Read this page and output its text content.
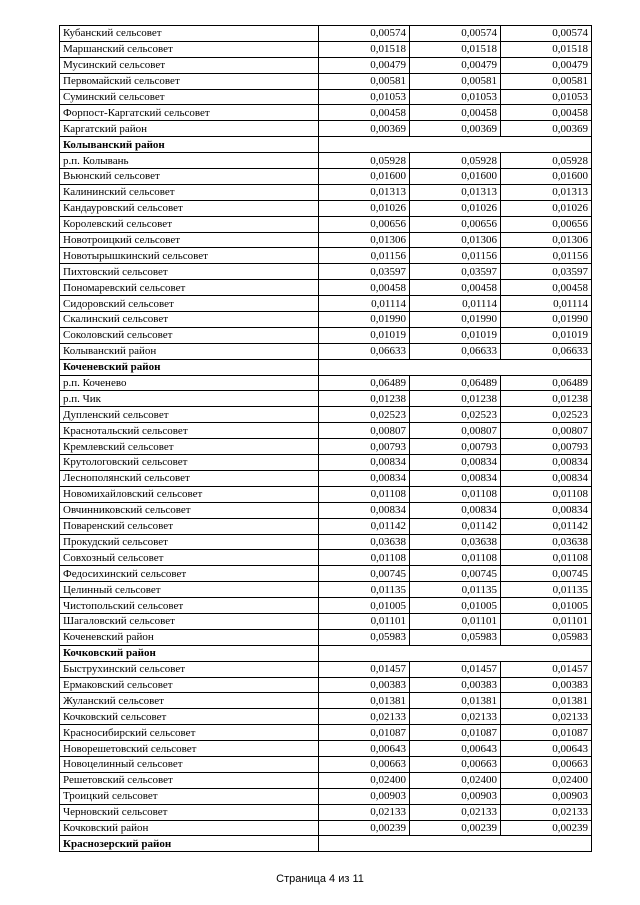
Кубанский сельсовет	0,00574	0,00574	0,00574
Маршанский сельсовет	0,01518	0,01518	0,01518
Мусинский сельсовет	0,00479	0,00479	0,00479
Первомайский сельсовет	0,00581	0,00581	0,00581
Суминский сельсовет	0,01053	0,01053	0,01053
Форпост-Каргатский сельсовет	0,00458	0,00458	0,00458
Каргатский район	0,00369	0,00369	0,00369
Колыванский район			
р.п. Колывань	0,05928	0,05928	0,05928
Вьюнский сельсовет	0,01600	0,01600	0,01600
Калининский сельсовет	0,01313	0,01313	0,01313
Кандауровский сельсовет	0,01026	0,01026	0,01026
Королевский сельсовет	0,00656	0,00656	0,00656
Новотроицкий сельсовет	0,01306	0,01306	0,01306
Новотырышкинский сельсовет	0,01156	0,01156	0,01156
Пихтовский сельсовет	0,03597	0,03597	0,03597
Пономаревский сельсовет	0,00458	0,00458	0,00458
Сидоровский сельсовет	0,01114	0,01114	0,01114
Скалинский сельсовет	0,01990	0,01990	0,01990
Соколовский сельсовет	0,01019	0,01019	0,01019
Колыванский район	0,06633	0,06633	0,06633
Коченевский район			
р.п. Коченево	0,06489	0,06489	0,06489
р.п. Чик	0,01238	0,01238	0,01238
Дупленский сельсовет	0,02523	0,02523	0,02523
Краснотальский сельсовет	0,00807	0,00807	0,00807
Кремлевский сельсовет	0,00793	0,00793	0,00793
Крутологовский сельсовет	0,00834	0,00834	0,00834
Леснополянский сельсовет	0,00834	0,00834	0,00834
Новомихайловский сельсовет	0,01108	0,01108	0,01108
Овчинниковский сельсовет	0,00834	0,00834	0,00834
Поваренский сельсовет	0,01142	0,01142	0,01142
Прокудский сельсовет	0,03638	0,03638	0,03638
Совхозный сельсовет	0,01108	0,01108	0,01108
Федосихинский сельсовет	0,00745	0,00745	0,00745
Целинный сельсовет	0,01135	0,01135	0,01135
Чистопольский сельсовет	0,01005	0,01005	0,01005
Шагаловский сельсовет	0,01101	0,01101	0,01101
Коченевский район	0,05983	0,05983	0,05983
Кочковский район			
Быструхинский сельсовет	0,01457	0,01457	0,01457
Ермаковский сельсовет	0,00383	0,00383	0,00383
Жуланский сельсовет	0,01381	0,01381	0,01381
Кочковский сельсовет	0,02133	0,02133	0,02133
Красносибирский сельсовет	0,01087	0,01087	0,01087
Новорешетовский сельсовет	0,00643	0,00643	0,00643
Новоцелинный сельсовет	0,00663	0,00663	0,00663
Решетовский сельсовет	0,02400	0,02400	0,02400
Троицкий сельсовет	0,00903	0,00903	0,00903
Черновский сельсовет	0,02133	0,02133	0,02133
Кочковский район	0,00239	0,00239	0,00239
Краснозерский район			
Страница 4 из 11
